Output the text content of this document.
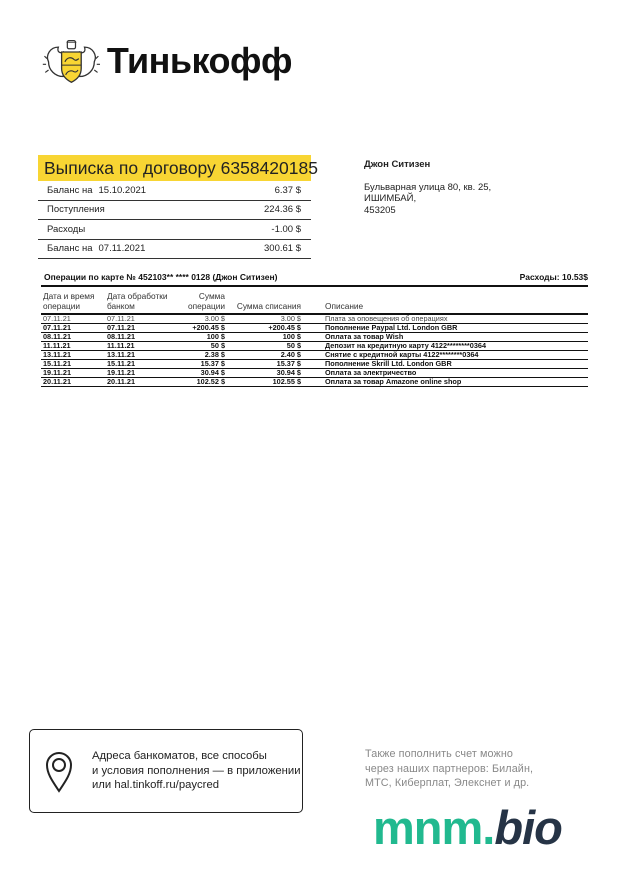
Тинькофф
Выписка по договору 6358420185
Баланс на 15.10.2021	6.37 $
Поступления	224.36 $
Расходы	-1.00 $
Баланс на 07.11.2021	300.61 $
Джон Ситизен
Бульварная улица 80, кв. 25,
ИШИМБАЙ,
453205
Операции по карте № 452103** **** 0128 (Джон Ситизен)	Расходы: 10.53$
Дата и время операции	Дата обработки банком	Сумма операции	Сумма списания	Описание
07.11.21	07.11.21	3.00 $	3.00 $	Плата за оповещения об операциях
07.11.21	07.11.21	+200.45 $	+200.45 $	Пополнение Paypal Ltd. London GBR
08.11.21	08.11.21	100 $	100 $	Оплата за товар Wish
11.11.21	11.11.21	50 $	50 $	Депозит на кредитную карту 4122********0364
13.11.21	13.11.21	2.38 $	2.40 $	Снятие с кредитной карты 4122********0364
15.11.21	15.11.21	15.37 $	15.37 $	Пополнение Skrill Ltd. London GBR
19.11.21	19.11.21	30.94 $	30.94 $	Оплата за электричество
20.11.21	20.11.21	102.52 $	102.55 $	Оплата за товар Amazone online shop
Адреса банкоматов, все способы
и условия пополнения — в приложении
или hal.tinkoff.ru/paycred
Также пополнить счет можно
через наших партнеров: Билайн,
МТС, Киберплат, Элекснет и др.
mnm.bio
